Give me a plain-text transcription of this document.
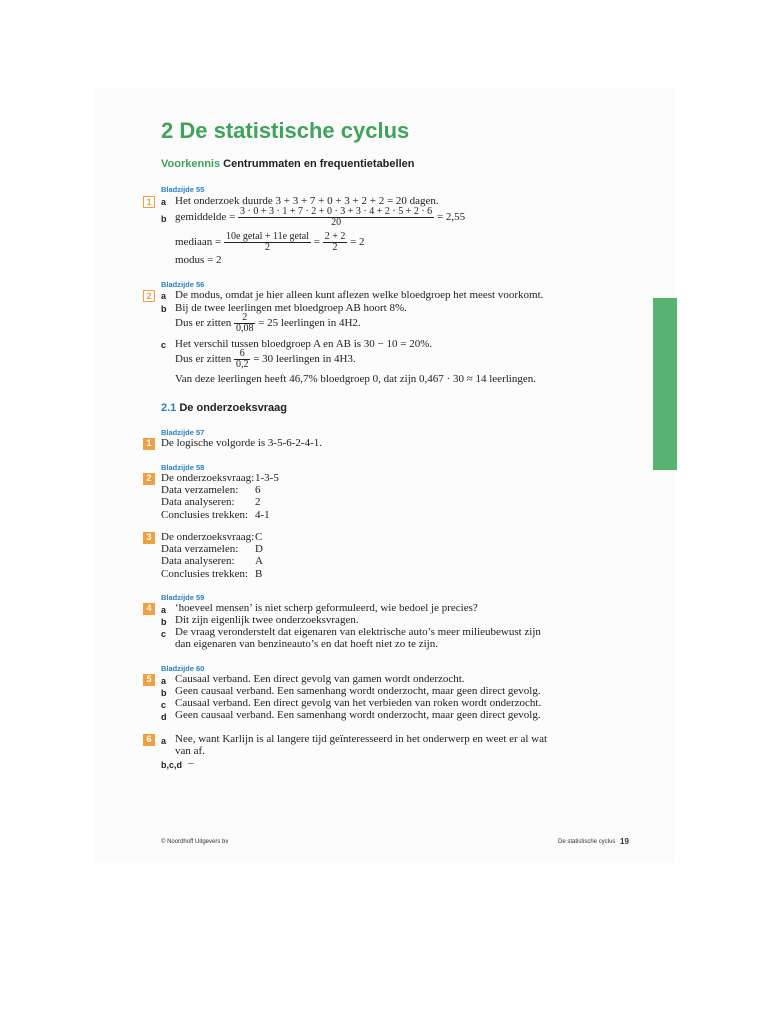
2 De statistische cyclus
Voorkennis Centrummaten en frequentietabellen
Bladzijde 55
1	a Het onderzoek duurde 3 + 3 + 7 + 0 + 3 + 2 + 2 = 20 dagen.
b gemiddelde = $\frac{3 \cdot 0 + 3 \cdot 1 + 7 \cdot 2 + 0 \cdot 3 + 3 \cdot 4 + 2 \cdot 5 + 2 \cdot 6}{20} = 2,55$
mediaan = $\frac{\text{10e getal + 11e getal}}{2} = \frac{2 + 2}{2} = 2$
modus = 2
Bladzijde 56
2	a De modus, omdat je hier alleen kunt aflezen welke bloedgroep het meest voorkomt.
b Bij de twee leerlingen met bloedgroep AB hoort 8%.
Dus er zitten $\frac{2}{0,08} = 25$ leerlingen in 4H2.
c Het verschil tussen bloedgroep A en AB is 30 − 10 = 20%.
Dus er zitten $\frac{6}{0,2} = 30$ leerlingen in 4H3.
Van deze leerlingen heeft 46,7% bloedgroep 0, dat zijn 0,467 · 30 ≈ 14 leerlingen.
2.1 De onderzoeksvraag
Bladzijde 57
1 De logische volgorde is 3-5-6-2-4-1.
Bladzijde 58
2 De onderzoeksvraag:1-3-5
Data verzamelen: 6
Data analyseren: 2
Conclusies trekken: 4-1
3 De onderzoeksvraag:C
Data verzamelen: D
Data analyseren: A
Conclusies trekken: B
Bladzijde 59
4	a ‘hoeveel mensen’ is niet scherp geformuleerd, wie bedoel je precies?
b Dit zijn eigenlijk twee onderzoeksvragen.
c De vraag veronderstelt dat eigenaren van elektrische auto’s meer milieubewust zijn
dan eigenaren van benzineauto’s en dat hoeft niet zo te zijn.
Bladzijde 60
5	a Causaal verband. Een direct gevolg van gamen wordt onderzocht.
b Geen causaal verband. Een samenhang wordt onderzocht, maar geen direct gevolg.
c Causaal verband. Een direct gevolg van het verbieden van roken wordt onderzocht.
d Geen causaal verband. Een samenhang wordt onderzocht, maar geen direct gevolg.
6	a Nee, want Karlijn is al langere tijd geïnteresseerd in het onderwerp en weet er al wat
van af.
b,c,d –
© Noordhoff Uitgevers bv	De statistische cyclus 19
